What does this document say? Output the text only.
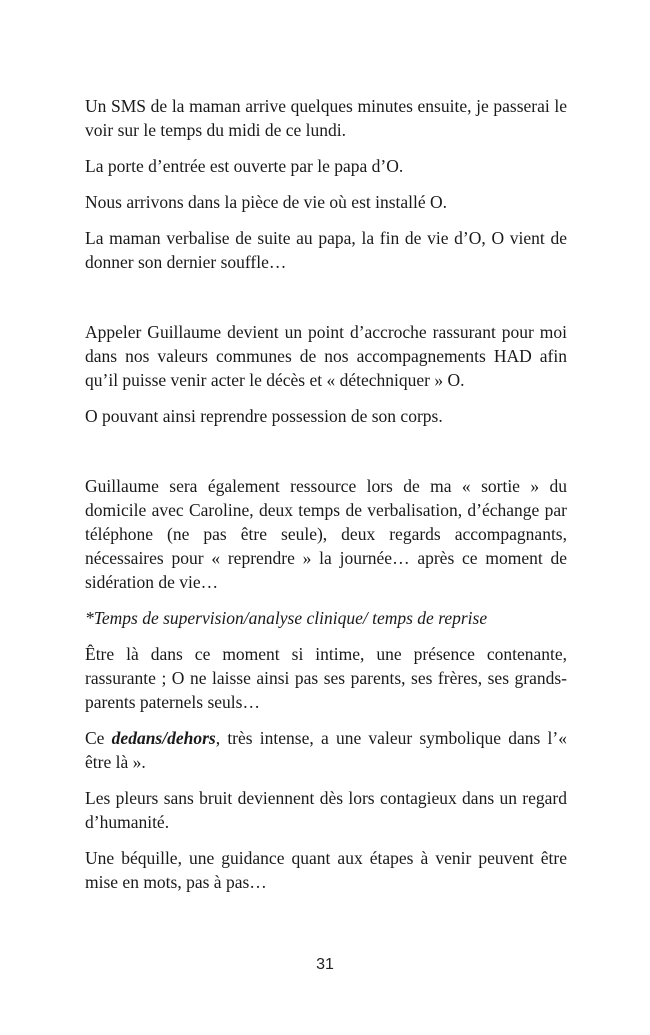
Un SMS de la maman arrive quelques minutes ensuite, je passerai le voir sur le temps du midi de ce lundi.

La porte d’entrée est ouverte par le papa d’O.

Nous arrivons dans la pièce de vie où est installé O.

La maman verbalise de suite au papa, la fin de vie d’O, O vient de donner son dernier souffle…

Appeler Guillaume devient un point d’accroche rassurant pour moi dans nos valeurs communes de nos accompagnements HAD afin qu’il puisse venir acter le décès et « détechniquer » O.

O pouvant ainsi reprendre possession de son corps.

Guillaume sera également ressource lors de ma « sortie » du domicile avec Caroline, deux temps de verbalisation, d’échange par téléphone (ne pas être seule), deux regards accompagnants, nécessaires pour « reprendre » la journée… après ce moment de sidération de vie…

*Temps de supervision/analyse clinique/ temps de reprise

Être là dans ce moment si intime, une présence contenante, rassurante ; O ne laisse ainsi pas ses parents, ses frères, ses grands-parents paternels seuls…

Ce dedans/dehors, très intense, a une valeur symbolique dans l’« être là ».

Les pleurs sans bruit deviennent dès lors contagieux dans un regard d’humanité.

Une béquille, une guidance quant aux étapes à venir peuvent être mise en mots, pas à pas…

31
